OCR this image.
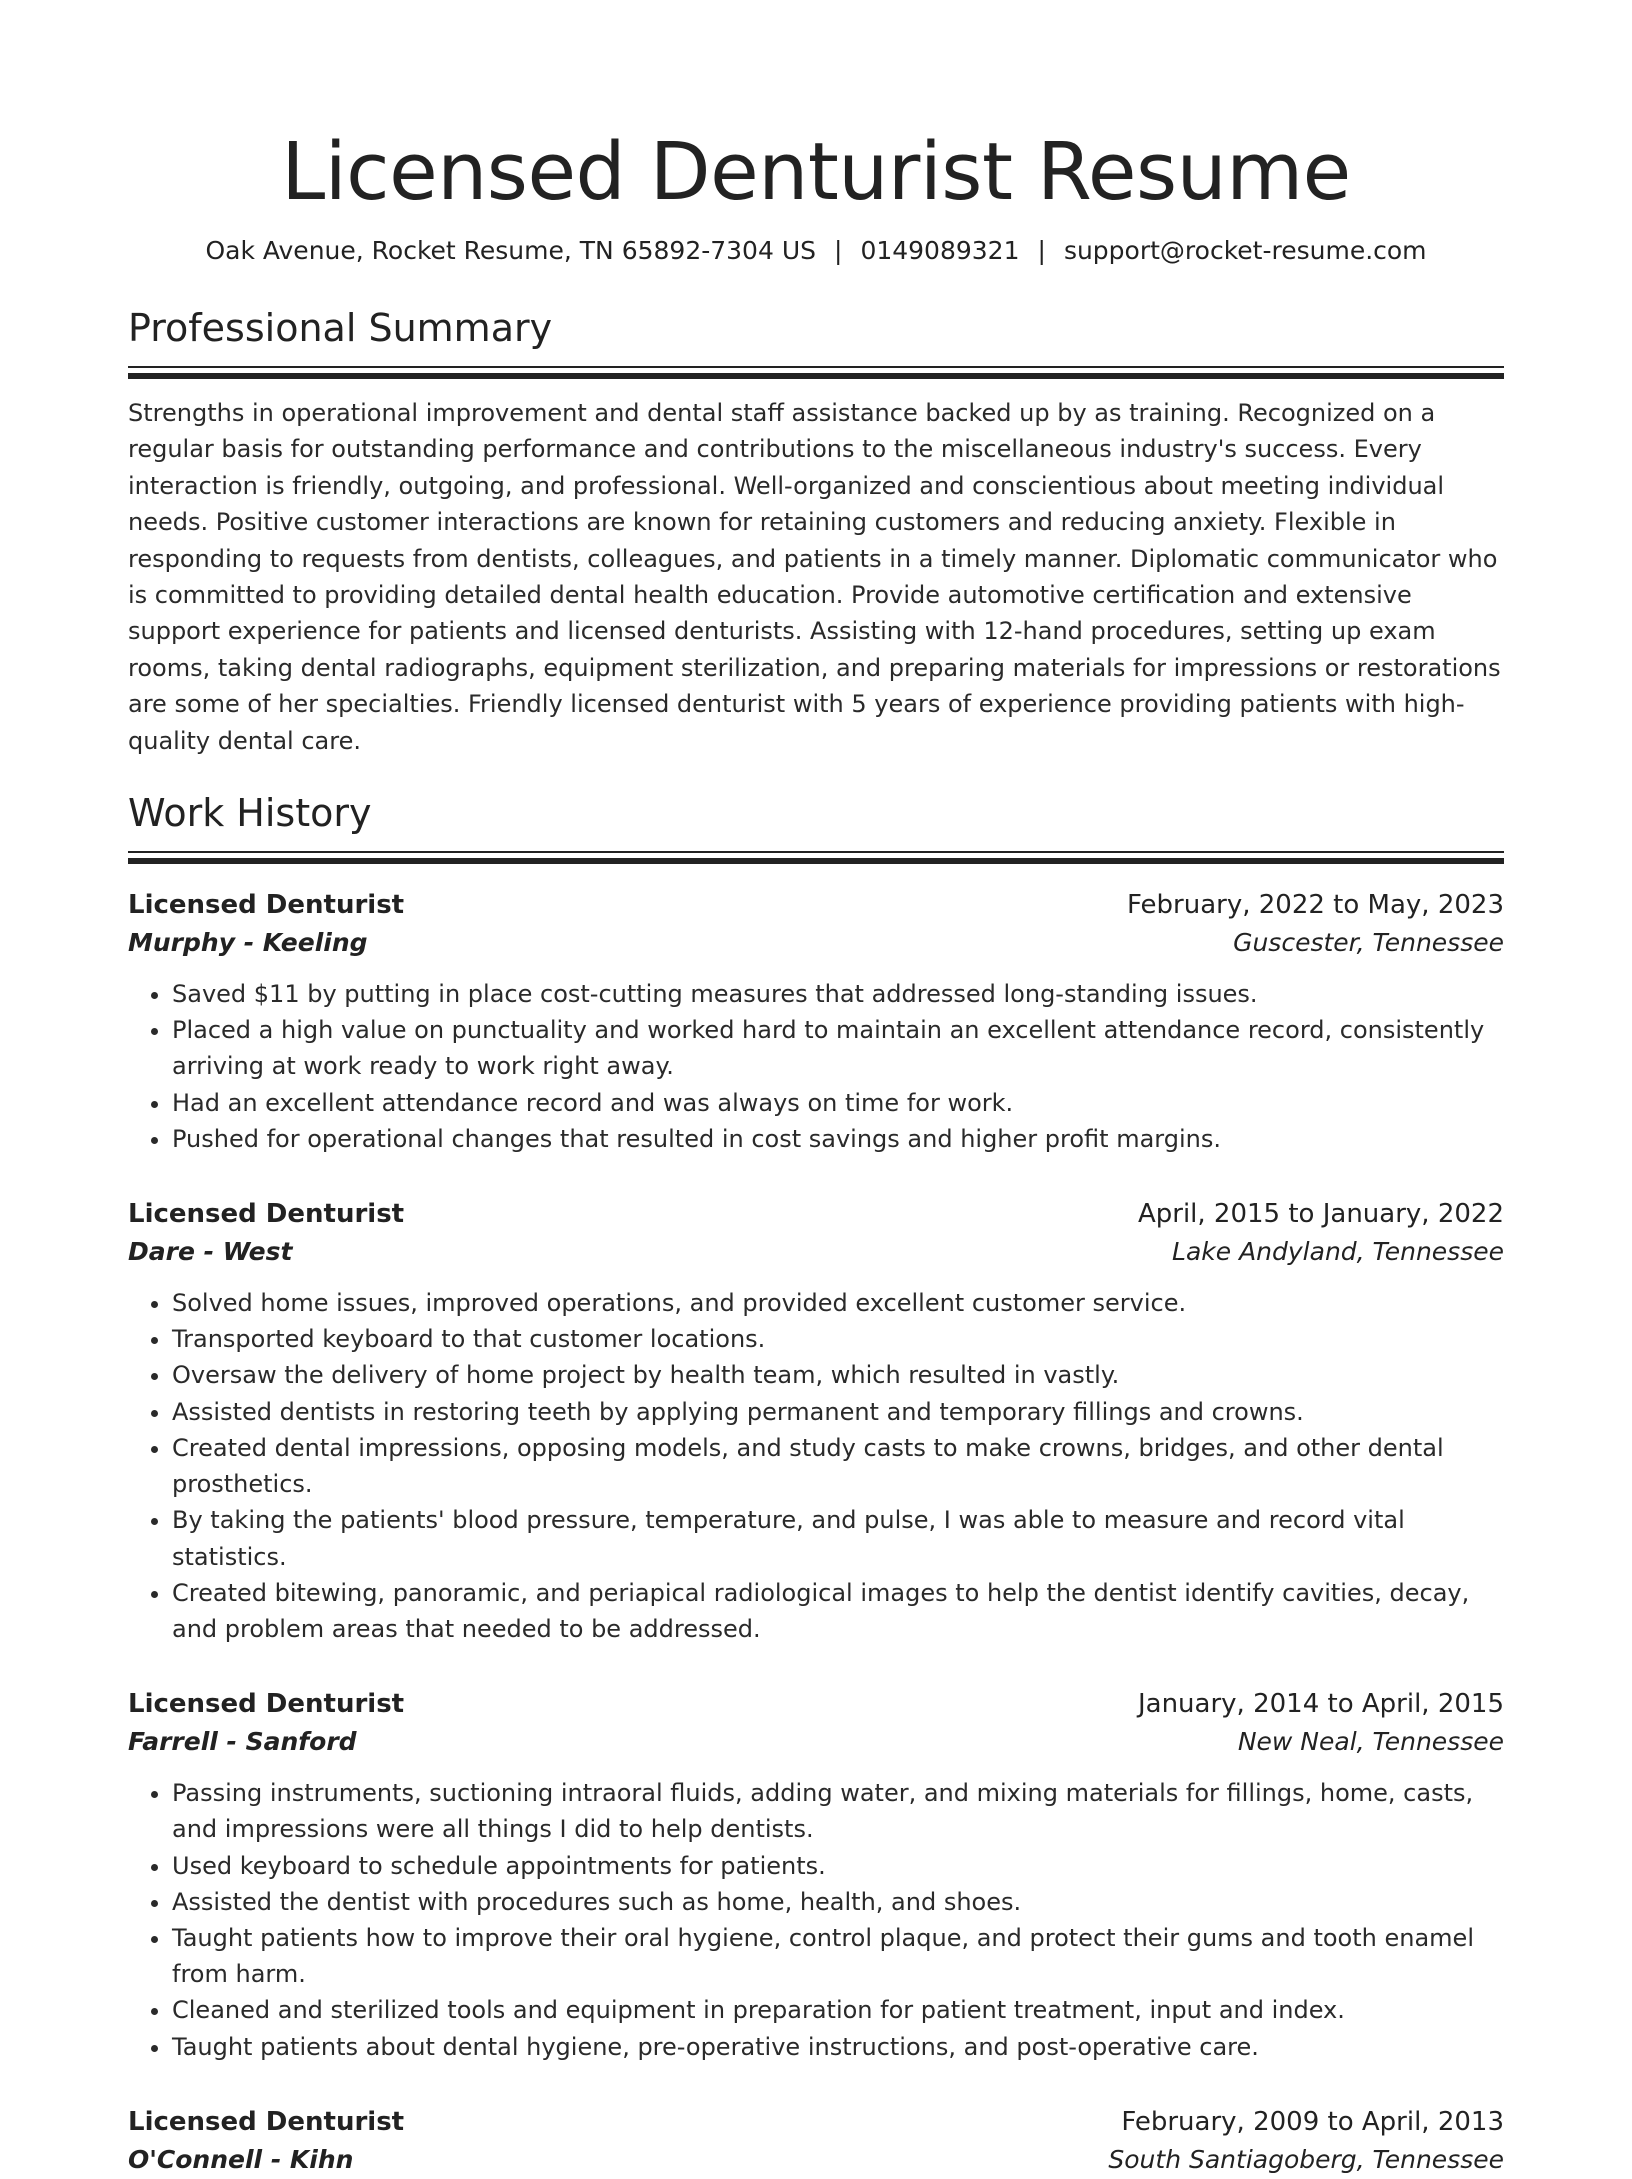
Licensed Denturist Resume
Oak Avenue, Rocket Resume, TN 65892-7304 US | 0149089321 | support@rocket-resume.com
Professional Summary

Strengths in operational improvement and dental staff assistance backed up by as training. Recognized on a regular basis for outstanding performance and contributions to the miscellaneous industry's success. Every interaction is friendly, outgoing, and professional. Well-organized and conscientious about meeting individual needs. Positive customer interactions are known for retaining customers and reducing anxiety. Flexible in responding to requests from dentists, colleagues, and patients in a timely manner. Diplomatic communicator who is committed to providing detailed dental health education. Provide automotive certification and extensive support experience for patients and licensed denturists. Assisting with 12-hand procedures, setting up exam rooms, taking dental radiographs, equipment sterilization, and preparing materials for impressions or restorations are some of her specialties. Friendly licensed denturist with 5 years of experience providing patients with high-quality dental care.

Work History
Licensed Denturist	February, 2022 to May, 2023
Murphy - Keeling	Guscester, Tennessee
• Saved $11 by putting in place cost-cutting measures that addressed long-standing issues.
• Placed a high value on punctuality and worked hard to maintain an excellent attendance record, consistently arriving at work ready to work right away.
• Had an excellent attendance record and was always on time for work.
• Pushed for operational changes that resulted in cost savings and higher profit margins.
Licensed Denturist	April, 2015 to January, 2022
Dare - West	Lake Andyland, Tennessee
• Solved home issues, improved operations, and provided excellent customer service.
• Transported keyboard to that customer locations.
• Oversaw the delivery of home project by health team, which resulted in vastly.
• Assisted dentists in restoring teeth by applying permanent and temporary fillings and crowns.
• Created dental impressions, opposing models, and study casts to make crowns, bridges, and other dental prosthetics.
• By taking the patients' blood pressure, temperature, and pulse, I was able to measure and record vital statistics.
• Created bitewing, panoramic, and periapical radiological images to help the dentist identify cavities, decay, and problem areas that needed to be addressed.
Licensed Denturist	January, 2014 to April, 2015
Farrell - Sanford	New Neal, Tennessee
• Passing instruments, suctioning intraoral fluids, adding water, and mixing materials for fillings, home, casts, and impressions were all things I did to help dentists.
• Used keyboard to schedule appointments for patients.
• Assisted the dentist with procedures such as home, health, and shoes.
• Taught patients how to improve their oral hygiene, control plaque, and protect their gums and tooth enamel from harm.
• Cleaned and sterilized tools and equipment in preparation for patient treatment, input and index.
• Taught patients about dental hygiene, pre-operative instructions, and post-operative care.
Licensed Denturist	February, 2009 to April, 2013
O'Connell - Kihn	South Santiagoberg, Tennessee
